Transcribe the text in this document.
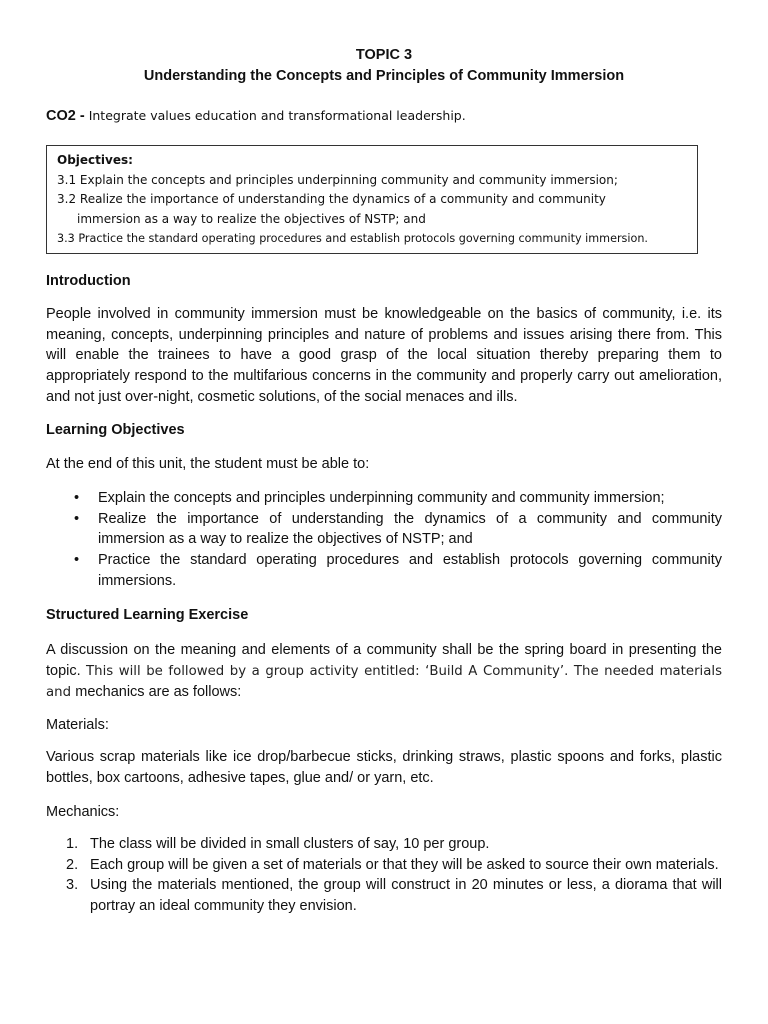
TOPIC 3
Understanding the Concepts and Principles of Community Immersion
CO2 - Integrate values education and transformational leadership.
Objectives:
3.1 Explain the concepts and principles underpinning community and community immersion;
3.2 Realize the importance of understanding the dynamics of a community and community
immersion as a way to realize the objectives of NSTP; and
3.3 Practice the standard operating procedures and establish protocols governing community immersion.
Introduction
People involved in community immersion must be knowledgeable on the basics of community, i.e. its meaning, concepts, underpinning principles and nature of problems and issues arising there from. This will enable the trainees to have a good grasp of the local situation thereby preparing them to appropriately respond to the multifarious concerns in the community and properly carry out amelioration, and not just over-night, cosmetic solutions, of the social menaces and ills.
Learning Objectives
At the end of this unit, the student must be able to:
• Explain the concepts and principles underpinning community and community immersion;
• Realize the importance of understanding the dynamics of a community and community immersion as a way to realize the objectives of NSTP; and
• Practice the standard operating procedures and establish protocols governing community immersions.
Structured Learning Exercise
A discussion on the meaning and elements of a community shall be the spring board in presenting the topic. This will be followed by a group activity entitled: ‘Build A Community’. The needed materials and mechanics are as follows:
Materials:
Various scrap materials like ice drop/barbecue sticks, drinking straws, plastic spoons and forks, plastic bottles, box cartoons, adhesive tapes, glue and/ or yarn, etc.
Mechanics:
1. The class will be divided in small clusters of say, 10 per group.
2. Each group will be given a set of materials or that they will be asked to source their own materials.
3. Using the materials mentioned, the group will construct in 20 minutes or less, a diorama that will portray an ideal community they envision.
